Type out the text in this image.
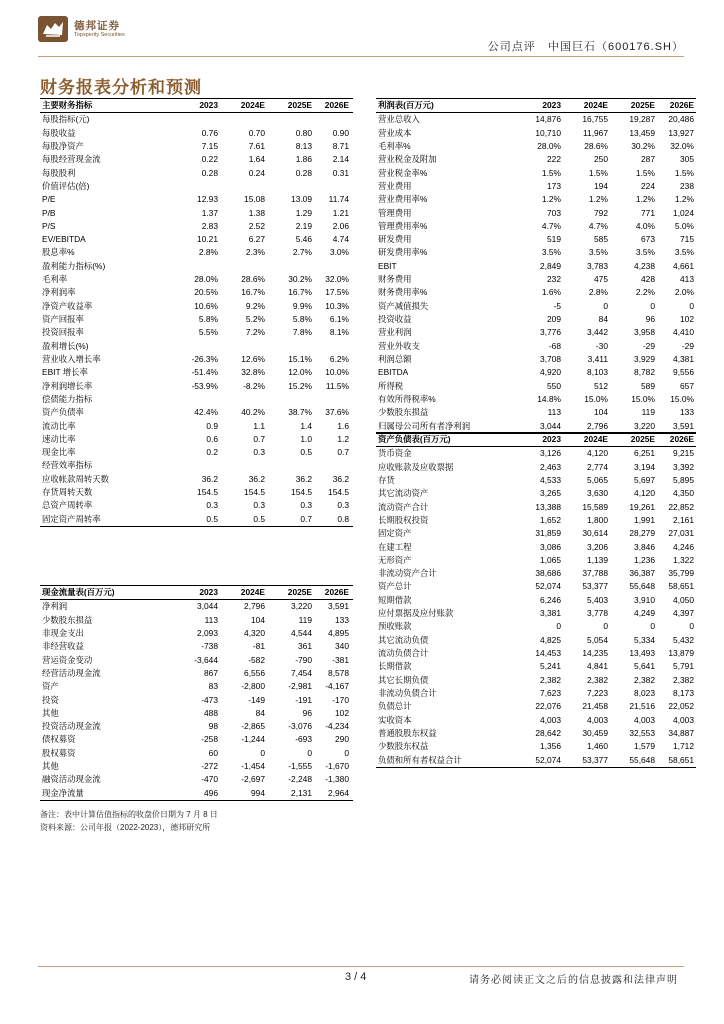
德邦证券
Topsperity Securities
公司点评 中国巨石（600176.SH）
财务报表分析和预测
主要财务指标	2023	2024E	2025E	2026E
每股指标(元)
每股收益	0.76	0.70	0.80	0.90
每股净资产	7.15	7.61	8.13	8.71
每股经营现金流	0.22	1.64	1.86	2.14
每股股利	0.28	0.24	0.28	0.31
价值评估(倍)
P/E	12.93	15.08	13.09	11.74
P/B	1.37	1.38	1.29	1.21
P/S	2.83	2.52	2.19	2.06
EV/EBITDA	10.21	6.27	5.46	4.74
股息率%	2.8%	2.3%	2.7%	3.0%
盈利能力指标(%)
毛利率	28.0%	28.6%	30.2%	32.0%
净利润率	20.5%	16.7%	16.7%	17.5%
净资产收益率	10.6%	9.2%	9.9%	10.3%
资产回报率	5.8%	5.2%	5.8%	6.1%
投资回报率	5.5%	7.2%	7.8%	8.1%
盈利增长(%)
营业收入增长率	-26.3%	12.6%	15.1%	6.2%
EBIT 增长率	-51.4%	32.8%	12.0%	10.0%
净利润增长率	-53.9%	-8.2%	15.2%	11.5%
偿债能力指标
资产负债率	42.4%	40.2%	38.7%	37.6%
流动比率	0.9	1.1	1.4	1.6
速动比率	0.6	0.7	1.0	1.2
现金比率	0.2	0.3	0.5	0.7
经营效率指标
应收帐款周转天数	36.2	36.2	36.2	36.2
存货周转天数	154.5	154.5	154.5	154.5
总资产周转率	0.3	0.3	0.3	0.3
固定资产周转率	0.5	0.5	0.7	0.8
现金流量表(百万元)	2023	2024E	2025E	2026E
净利润	3,044	2,796	3,220	3,591
少数股东损益	113	104	119	133
非现金支出	2,093	4,320	4,544	4,895
非经营收益	-738	-81	361	340
营运资金变动	-3,644	-582	-790	-381
经营活动现金流	867	6,556	7,454	8,578
资产	83	-2,800	-2,981	-4,167
投资	-473	-149	-191	-170
其他	488	84	96	102
投资活动现金流	98	-2,865	-3,076	-4,234
债权募资	-258	-1,244	-693	290
股权募资	60	0	0	0
其他	-272	-1,454	-1,555	-1,670
融资活动现金流	-470	-2,697	-2,248	-1,380
现金净流量	496	994	2,131	2,964
利润表(百万元)	2023	2024E	2025E	2026E
营业总收入	14,876	16,755	19,287	20,486
营业成本	10,710	11,967	13,459	13,927
毛利率%	28.0%	28.6%	30.2%	32.0%
营业税金及附加	222	250	287	305
营业税金率%	1.5%	1.5%	1.5%	1.5%
营业费用	173	194	224	238
营业费用率%	1.2%	1.2%	1.2%	1.2%
管理费用	703	792	771	1,024
管理费用率%	4.7%	4.7%	4.0%	5.0%
研发费用	519	585	673	715
研发费用率%	3.5%	3.5%	3.5%	3.5%
EBIT	2,849	3,783	4,238	4,661
财务费用	232	475	428	413
财务费用率%	1.6%	2.8%	2.2%	2.0%
资产减值损失	-5	0	0	0
投资收益	209	84	96	102
营业利润	3,776	3,442	3,958	4,410
营业外收支	-68	-30	-29	-29
利润总额	3,708	3,411	3,929	4,381
EBITDA	4,920	8,103	8,782	9,556
所得税	550	512	589	657
有效所得税率%	14.8%	15.0%	15.0%	15.0%
少数股东损益	113	104	119	133
归属母公司所有者净利润	3,044	2,796	3,220	3,591
资产负债表(百万元)	2023	2024E	2025E	2026E
货币资金	3,126	4,120	6,251	9,215
应收账款及应收票据	2,463	2,774	3,194	3,392
存货	4,533	5,065	5,697	5,895
其它流动资产	3,265	3,630	4,120	4,350
流动资产合计	13,388	15,589	19,261	22,852
长期股权投资	1,652	1,800	1,991	2,161
固定资产	31,859	30,614	28,279	27,031
在建工程	3,086	3,206	3,846	4,246
无形资产	1,065	1,139	1,236	1,322
非流动资产合计	38,686	37,788	36,387	35,799
资产总计	52,074	53,377	55,648	58,651
短期借款	6,246	5,403	3,910	4,050
应付票据及应付账款	3,381	3,778	4,249	4,397
预收账款	0	0	0	0
其它流动负债	4,825	5,054	5,334	5,432
流动负债合计	14,453	14,235	13,493	13,879
长期借款	5,241	4,841	5,641	5,791
其它长期负债	2,382	2,382	2,382	2,382
非流动负债合计	7,623	7,223	8,023	8,173
负债总计	22,076	21,458	21,516	22,052
实收资本	4,003	4,003	4,003	4,003
普通股股东权益	28,642	30,459	32,553	34,887
少数股东权益	1,356	1,460	1,579	1,712
负债和所有者权益合计	52,074	53,377	55,648	58,651
备注：表中计算估值指标的收盘价日期为 7 月 8 日
资料来源：公司年报（2022-2023），德邦研究所
3 / 4	请务必阅读正文之后的信息披露和法律声明
